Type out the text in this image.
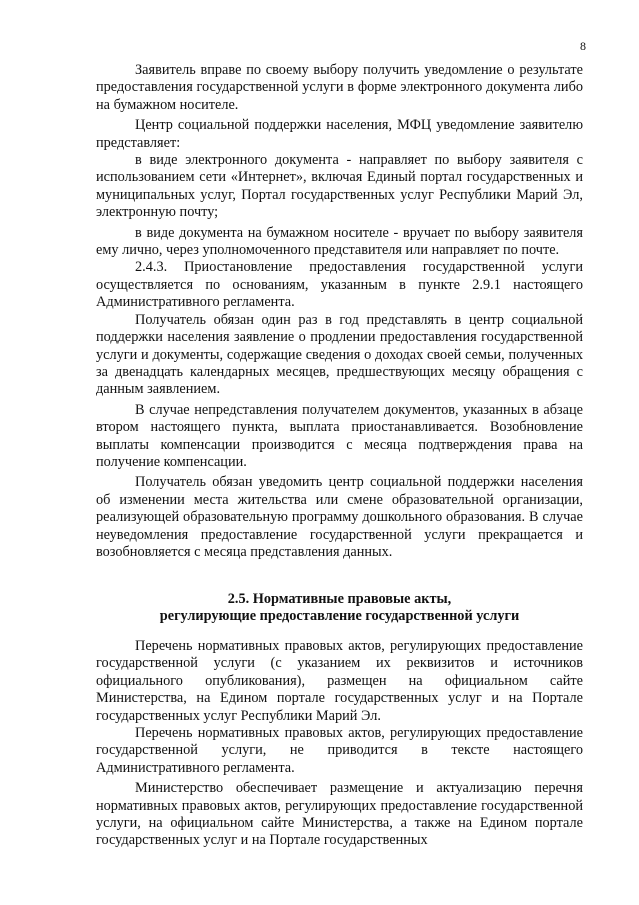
8

Заявитель вправе по своему выбору получить уведомление о результате предоставления государственной услуги в форме электронного документа либо на бумажном носителе.

Центр социальной поддержки населения, МФЦ уведомление заявителю представляет:

в виде электронного документа - направляет по выбору заявителя с использованием сети «Интернет», включая Единый портал государственных и муниципальных услуг, Портал государственных услуг Республики Марий Эл, электронную почту;

в виде документа на бумажном носителе - вручает по выбору заявителя ему лично, через уполномоченного представителя или направляет по почте.

2.4.3. Приостановление предоставления государственной услуги осуществляется по основаниям, указанным в пункте 2.9.1 настоящего Административного регламента.

Получатель обязан один раз в год представлять в центр социальной поддержки населения заявление о продлении предоставления государственной услуги и документы, содержащие сведения о доходах своей семьи, полученных за двенадцать календарных месяцев, предшествующих месяцу обращения с данным заявлением.

В случае непредставления получателем документов, указанных в абзаце втором настоящего пункта, выплата приостанавливается. Возобновление выплаты компенсации производится с месяца подтверждения права на получение компенсации.

Получатель обязан уведомить центр социальной поддержки населения об изменении места жительства или смене образовательной организации, реализующей образовательную программу дошкольного образования. В случае неуведомления предоставление государственной услуги прекращается и возобновляется с месяца представления данных.

2.5. Нормативные правовые акты,
регулирующие предоставление государственной услуги

Перечень нормативных правовых актов, регулирующих предоставление государственной услуги (с указанием их реквизитов и источников официального опубликования), размещен на официальном сайте Министерства, на Едином портале государственных услуг и на Портале государственных услуг Республики Марий Эл.

Перечень нормативных правовых актов, регулирующих предоставление государственной услуги, не приводится в тексте настоящего Административного регламента.

Министерство обеспечивает размещение и актуализацию перечня нормативных правовых актов, регулирующих предоставление государственной услуги, на официальном сайте Министерства, а также на Едином портале государственных услуг и на Портале государственных
